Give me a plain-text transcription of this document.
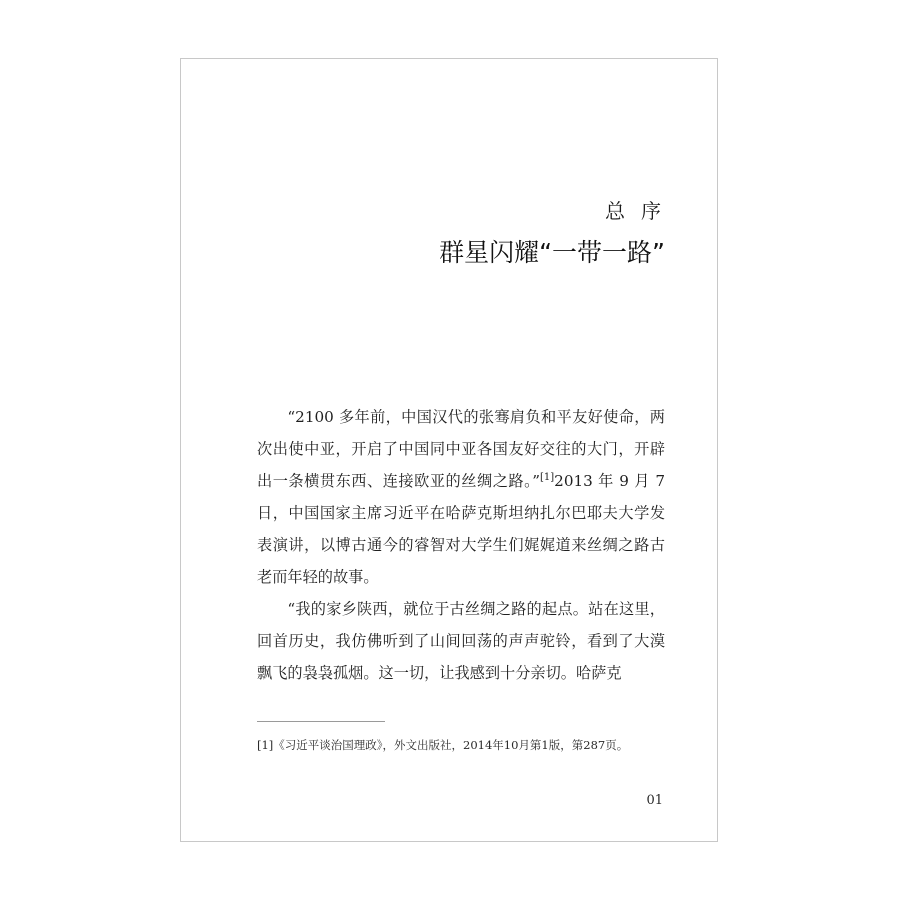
总序
群星闪耀“一带一路”

“2100 多年前，中国汉代的张骞肩负和平友好使命，两次出使中亚，开启了中国同中亚各国友好交往的大门，开辟出一条横贯东西、连接欧亚的丝绸之路。”[1]2013 年 9 月 7 日，中国国家主席习近平在哈萨克斯坦纳扎尔巴耶夫大学发表演讲，以博古通今的睿智对大学生们娓娓道来丝绸之路古老而年轻的故事。

“我的家乡陕西，就位于古丝绸之路的起点。站在这里，回首历史，我仿佛听到了山间回荡的声声驼铃，看到了大漠飘飞的袅袅孤烟。这一切，让我感到十分亲切。哈萨克

[1]《习近平谈治国理政》，外文出版社，2014年10月第1版，第287页。
01
